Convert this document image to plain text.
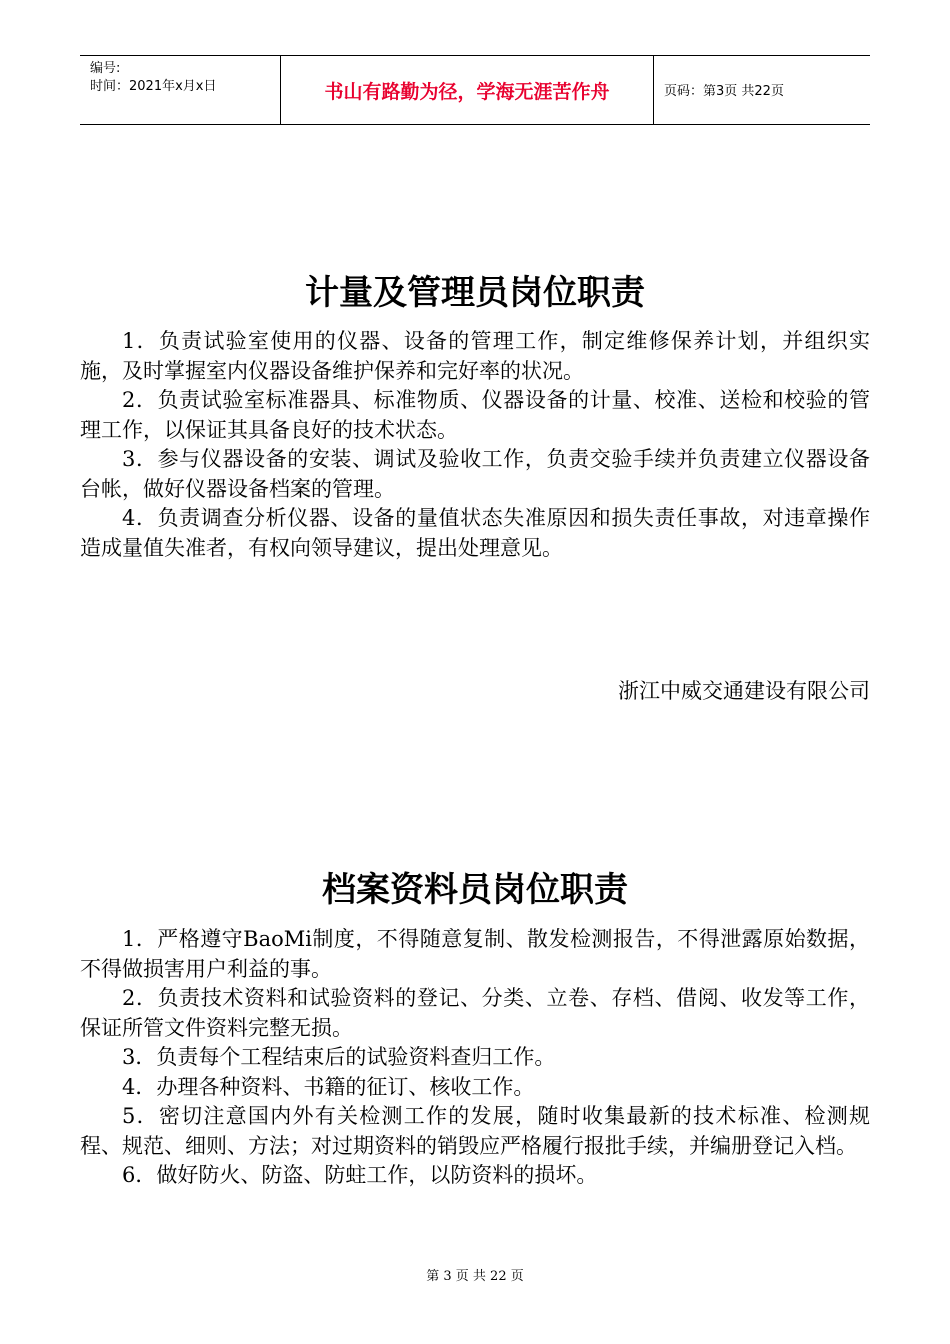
编号:
时间：2021年x月x日	书山有路勤为径，学海无涯苦作舟	页码：第3页 共22页
计量及管理员岗位职责

1．负责试验室使用的仪器、设备的管理工作，制定维修保养计划，并组织实施，及时掌握室内仪器设备维护保养和完好率的状况。

2．负责试验室标准器具、标准物质、仪器设备的计量、校准、送检和校验的管理工作，以保证其具备良好的技术状态。

3．参与仪器设备的安装、调试及验收工作，负责交验手续并负责建立仪器设备台帐，做好仪器设备档案的管理。

4．负责调查分析仪器、设备的量值状态失准原因和损失责任事故，对违章操作造成量值失准者，有权向领导建议，提出处理意见。

浙江中威交通建设有限公司
档案资料员岗位职责

1．严格遵守BaoMi制度，不得随意复制、散发检测报告，不得泄露原始数据，不得做损害用户利益的事。

2．负责技术资料和试验资料的登记、分类、立卷、存档、借阅、收发等工作，保证所管文件资料完整无损。

3．负责每个工程结束后的试验资料查归工作。

4．办理各种资料、书籍的征订、核收工作。

5．密切注意国内外有关检测工作的发展，随时收集最新的技术标准、检测规程、规范、细则、方法；对过期资料的销毁应严格履行报批手续，并编册登记入档。

6．做好防火、防盗、防蛀工作，以防资料的损坏。

第 3 页 共 22 页
